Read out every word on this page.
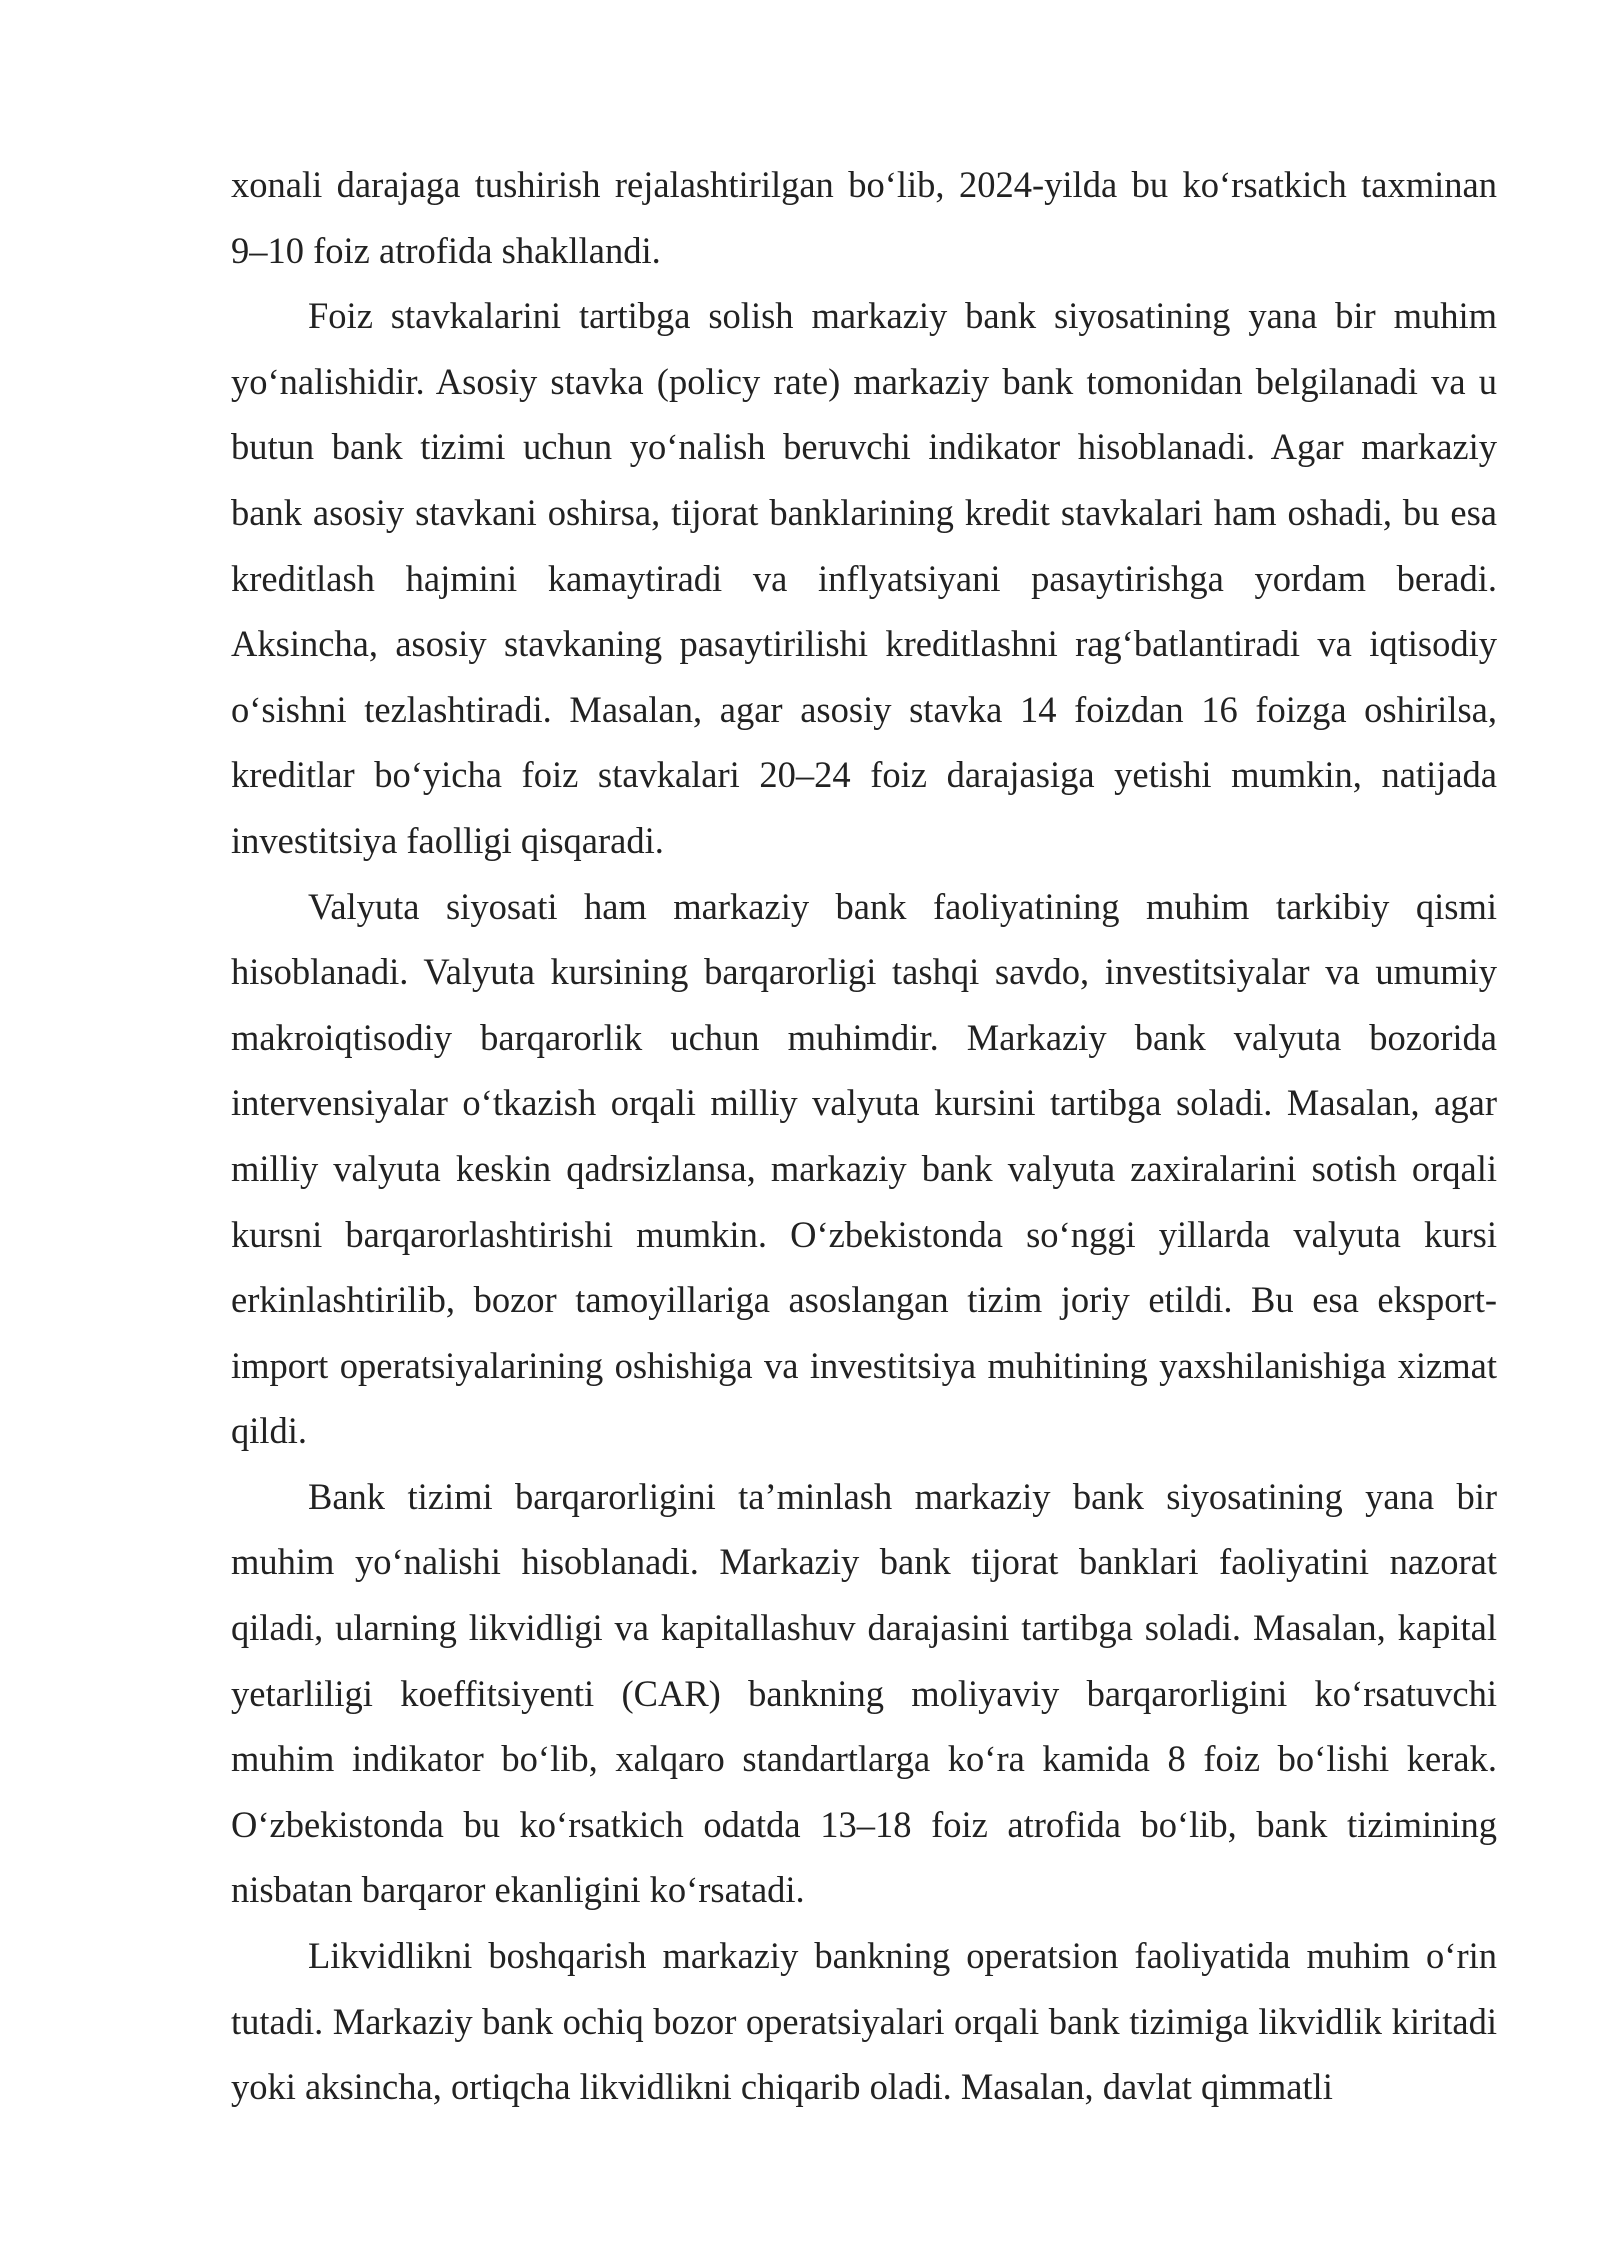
xonali darajaga tushirish rejalashtirilgan bo‘lib, 2024-yilda bu ko‘rsatkich taxminan 9–10 foiz atrofida shakllandi.

Foiz stavkalarini tartibga solish markaziy bank siyosatining yana bir muhim yo‘nalishidir. Asosiy stavka (policy rate) markaziy bank tomonidan belgilanadi va u butun bank tizimi uchun yo‘nalish beruvchi indikator hisoblanadi. Agar markaziy bank asosiy stavkani oshirsa, tijorat banklarining kredit stavkalari ham oshadi, bu esa kreditlash hajmini kamaytiradi va inflyatsiyani pasaytirishga yordam beradi. Aksincha, asosiy stavkaning pasaytirilishi kreditlashni rag‘batlantiradi va iqtisodiy o‘sishni tezlashtiradi. Masalan, agar asosiy stavka 14 foizdan 16 foizga oshirilsa, kreditlar bo‘yicha foiz stavkalari 20–24 foiz darajasiga yetishi mumkin, natijada investitsiya faolligi qisqaradi.

Valyuta siyosati ham markaziy bank faoliyatining muhim tarkibiy qismi hisoblanadi. Valyuta kursining barqarorligi tashqi savdo, investitsiyalar va umumiy makroiqtisodiy barqarorlik uchun muhimdir. Markaziy bank valyuta bozorida intervensiyalar o‘tkazish orqali milliy valyuta kursini tartibga soladi. Masalan, agar milliy valyuta keskin qadrsizlansa, markaziy bank valyuta zaxiralarini sotish orqali kursni barqarorlashtirishi mumkin. O‘zbekistonda so‘nggi yillarda valyuta kursi erkinlashtirilib, bozor tamoyillariga asoslangan tizim joriy etildi. Bu esa eksport-import operatsiyalarining oshishiga va investitsiya muhitining yaxshilanishiga xizmat qildi.

Bank tizimi barqarorligini ta’minlash markaziy bank siyosatining yana bir muhim yo‘nalishi hisoblanadi. Markaziy bank tijorat banklari faoliyatini nazorat qiladi, ularning likvidligi va kapitallashuv darajasini tartibga soladi. Masalan, kapital yetarliligi koeffitsiyenti (CAR) bankning moliyaviy barqarorligini ko‘rsatuvchi muhim indikator bo‘lib, xalqaro standartlarga ko‘ra kamida 8 foiz bo‘lishi kerak. O‘zbekistonda bu ko‘rsatkich odatda 13–18 foiz atrofida bo‘lib, bank tizimining nisbatan barqaror ekanligini ko‘rsatadi.

Likvidlikni boshqarish markaziy bankning operatsion faoliyatida muhim o‘rin tutadi. Markaziy bank ochiq bozor operatsiyalari orqali bank tizimiga likvidlik kiritadi yoki aksincha, ortiqcha likvidlikni chiqarib oladi. Masalan, davlat qimmatli
